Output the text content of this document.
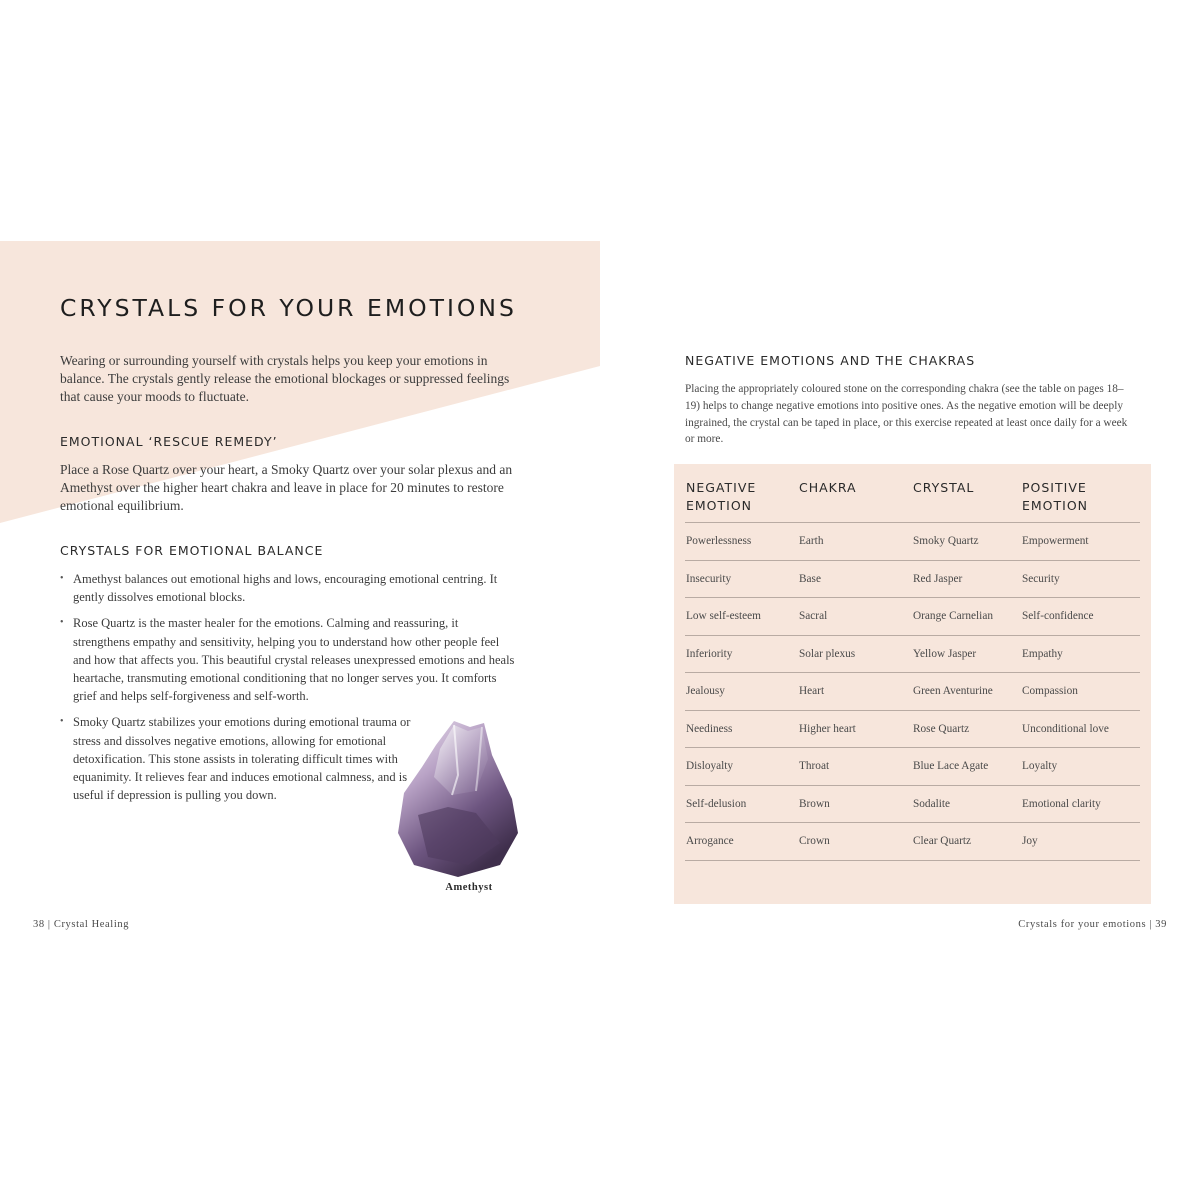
CRYSTALS FOR YOUR EMOTIONS

Wearing or surrounding yourself with crystals helps you keep your emotions in balance. The crystals gently release the emotional blockages or suppressed feelings that cause your moods to fluctuate.

EMOTIONAL ‘RESCUE REMEDY’

Place a Rose Quartz over your heart, a Smoky Quartz over your solar plexus and an Amethyst over the higher heart chakra and leave in place for 20 minutes to restore emotional equilibrium.

CRYSTALS FOR EMOTIONAL BALANCE
• Amethyst balances out emotional highs and lows, encouraging emotional centring. It gently dissolves emotional blocks.
• Rose Quartz is the master healer for the emotions. Calming and reassuring, it strengthens empathy and sensitivity, helping you to understand how other people feel and how that affects you. This beautiful crystal releases unexpressed emotions and heals heartache, transmuting emotional conditioning that no longer serves you. It comforts grief and helps self-forgiveness and self-worth.
• Smoky Quartz stabilizes your emotions during emotional trauma or stress and dissolves negative emotions, allowing for emotional detoxification. This stone assists in tolerating difficult times with equanimity. It relieves fear and induces emotional calmness, and is useful if depression is pulling you down.

Amethyst

38 | Crystal Healing

NEGATIVE EMOTIONS AND THE CHAKRAS

Placing the appropriately coloured stone on the corresponding chakra (see the table on pages 18–19) helps to change negative emotions into positive ones. As the negative emotion will be deeply ingrained, the crystal can be taped in place, or this exercise repeated at least once daily for a week or more.

NEGATIVE EMOTION	CHAKRA	CRYSTAL	POSITIVE EMOTION
Powerlessness	Earth	Smoky Quartz	Empowerment
Insecurity	Base	Red Jasper	Security
Low self-esteem	Sacral	Orange Carnelian	Self-confidence
Inferiority	Solar plexus	Yellow Jasper	Empathy
Jealousy	Heart	Green Aventurine	Compassion
Neediness	Higher heart	Rose Quartz	Unconditional love
Disloyalty	Throat	Blue Lace Agate	Loyalty
Self-delusion	Brown	Sodalite	Emotional clarity
Arrogance	Crown	Clear Quartz	Joy

Crystals for your emotions | 39
